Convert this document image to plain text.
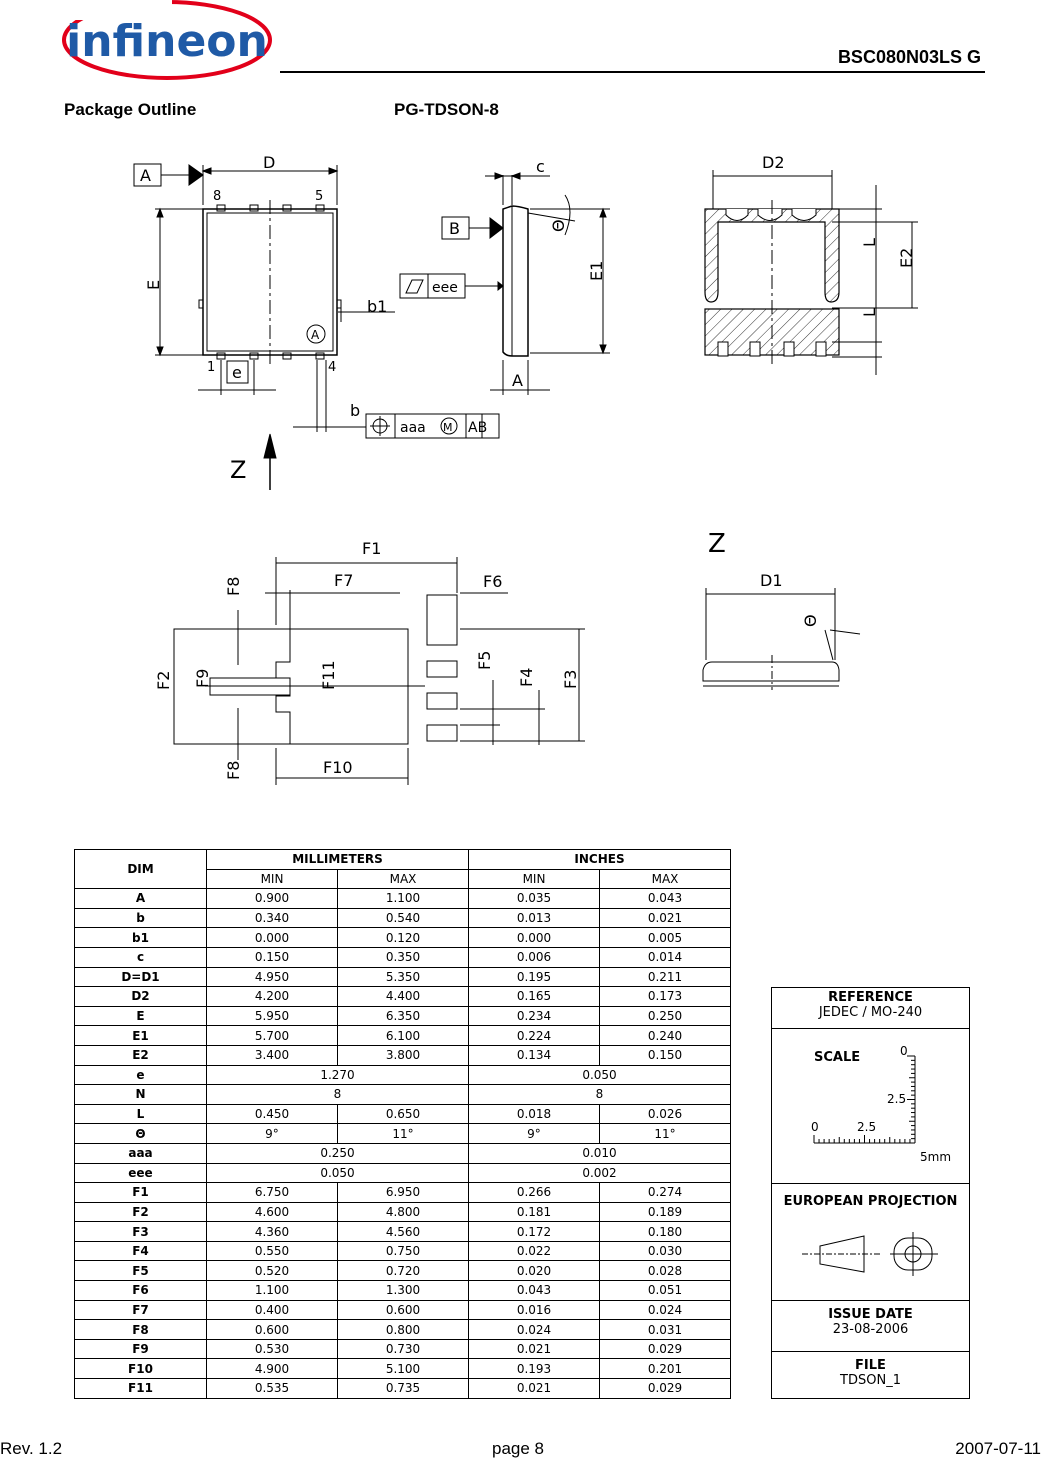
infineon	BSC080N03LS G
Package Outline	PG-TDSON-8
D
A
E
e
b1
b
1	4
5
8
A
aaa M AB
Z
c
Θ
B
eee
E1
A
D2
E2
L
L
F1
F7	F6
F10
F2	F3
F4
F5
F8
F8
F9	F11
Z
D1
Θ
DIM	MILLIMETERS		INCHES	
	MIN	MAX	MIN	MAX
A	0.900	1.100	0.035	0.043
b	0.340	0.540	0.013	0.021
b1	0.000	0.120	0.000	0.005
c	0.150	0.350	0.006	0.014
D=D1	4.950	5.350	0.195	0.211
D2	4.200	4.400	0.165	0.173
E	5.950	6.350	0.234	0.250
E1	5.700	6.100	0.224	0.240
E2	3.400	3.800	0.134	0.150
e	1.270		0.050	
N	8		8	
L	0.450	0.650	0.018	0.026
Θ	9°	11°	9°	11°
aaa	0.250		0.010	
eee	0.050		0.002	
F1	6.750	6.950	0.266	0.274
F2	4.600	4.800	0.181	0.189
F3	4.360	4.560	0.172	0.180
F4	0.550	0.750	0.022	0.030
F5	0.520	0.720	0.020	0.028
F6	1.100	1.300	0.043	0.051
F7	0.400	0.600	0.016	0.024
F8	0.600	0.800	0.024	0.031
F9	0.530	0.730	0.021	0.029
F10	4.900	5.100	0.193	0.201
F11	0.535	0.735	0.021	0.029
REFERENCE
JEDEC / MO-240
SCALE	0
2.5
0	2.5
5mm
EUROPEAN PROJECTION
ISSUE DATE
23-08-2006
FILE
TDSON_1
Rev. 1.2	page 8	2007-07-11
